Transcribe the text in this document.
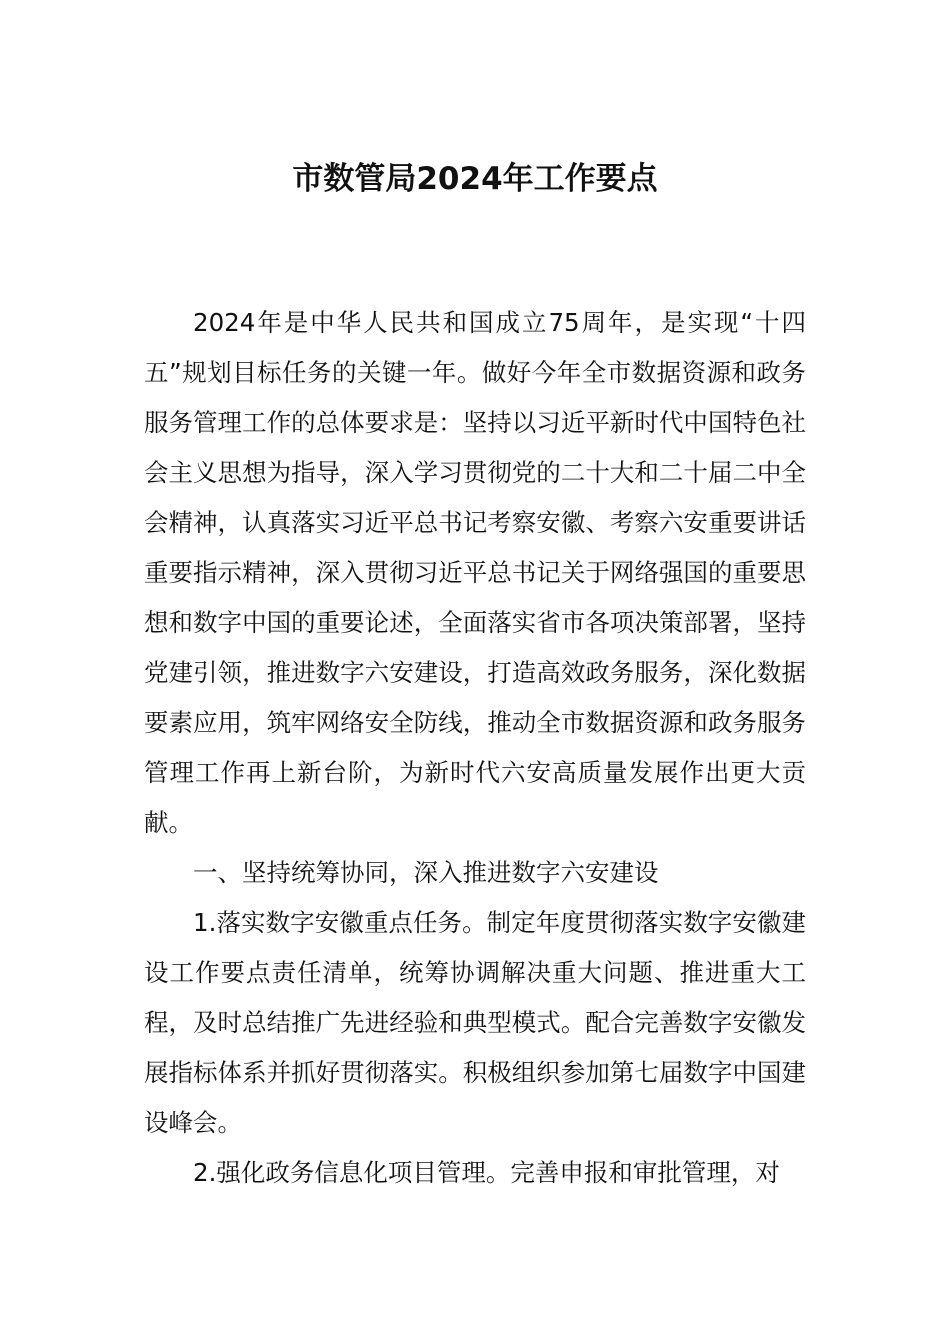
市数管局2024年工作要点

2024年是中华人民共和国成立75周年，是实现“十四五”规划目标任务的关键一年。做好今年全市数据资源和政务服务管理工作的总体要求是：坚持以习近平新时代中国特色社会主义思想为指导，深入学习贯彻党的二十大和二十届二中全会精神，认真落实习近平总书记考察安徽、考察六安重要讲话重要指示精神，深入贯彻习近平总书记关于网络强国的重要思想和数字中国的重要论述，全面落实省市各项决策部署，坚持党建引领，推进数字六安建设，打造高效政务服务，深化数据要素应用，筑牢网络安全防线，推动全市数据资源和政务服务管理工作再上新台阶，为新时代六安高质量发展作出更大贡献。

一、坚持统筹协同，深入推进数字六安建设

1.落实数字安徽重点任务。制定年度贯彻落实数字安徽建设工作要点责任清单，统筹协调解决重大问题、推进重大工程，及时总结推广先进经验和典型模式。配合完善数字安徽发展指标体系并抓好贯彻落实。积极组织参加第七届数字中国建设峰会。

2.强化政务信息化项目管理。完善申报和审批管理，对
